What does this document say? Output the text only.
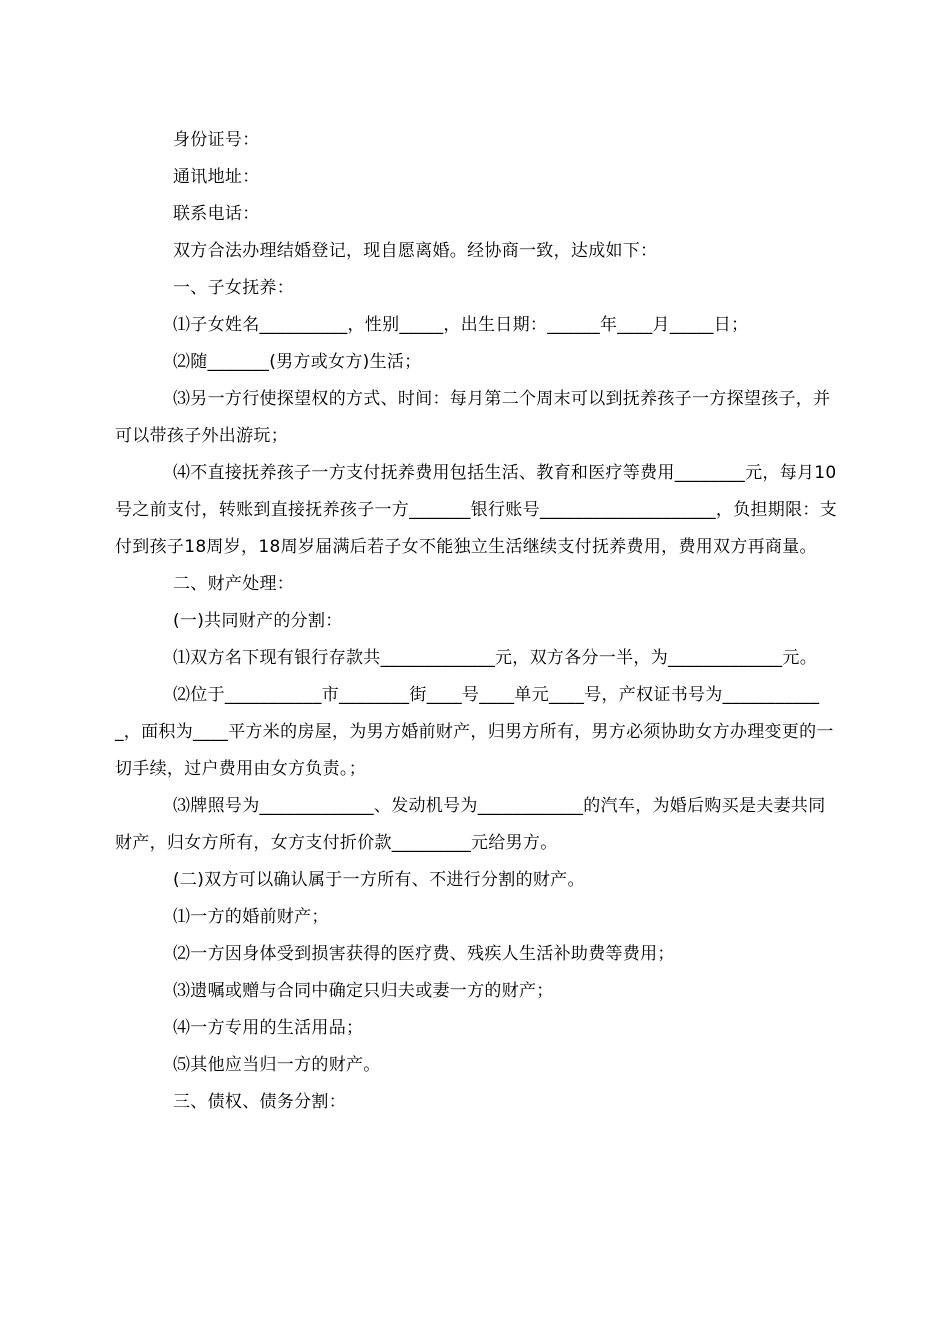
身份证号：

通讯地址：

联系电话：

双方合法办理结婚登记，现自愿离婚。经协商一致，达成如下：

一、子女抚养：

⑴子女姓名__________，性别_____，出生日期：______年____月_____日；

⑵随_______(男方或女方)生活；

⑶另一方行使探望权的方式、时间：每月第二个周末可以到抚养孩子一方探望孩子，并可以带孩子外出游玩；

⑷不直接抚养孩子一方支付抚养费用包括生活、教育和医疗等费用________元，每月10号之前支付，转账到直接抚养孩子一方_______银行账号____________________，负担期限：支付到孩子18周岁，18周岁届满后若子女不能独立生活继续支付抚养费用，费用双方再商量。

二、财产处理：

(一)共同财产的分割：

⑴双方名下现有银行存款共_____________元，双方各分一半，为_____________元。

⑵位于___________市________街____号____单元____号，产权证书号为____________，面积为____平方米的房屋，为男方婚前财产，归男方所有，男方必须协助女方办理变更的一切手续，过户费用由女方负责。；

⑶牌照号为_____________、发动机号为____________的汽车，为婚后购买是夫妻共同财产，归女方所有，女方支付折价款_________元给男方。

(二)双方可以确认属于一方所有、不进行分割的财产。

⑴一方的婚前财产；

⑵一方因身体受到损害获得的医疗费、残疾人生活补助费等费用；

⑶遗嘱或赠与合同中确定只归夫或妻一方的财产；

⑷一方专用的生活用品；

⑸其他应当归一方的财产。

三、债权、债务分割：
